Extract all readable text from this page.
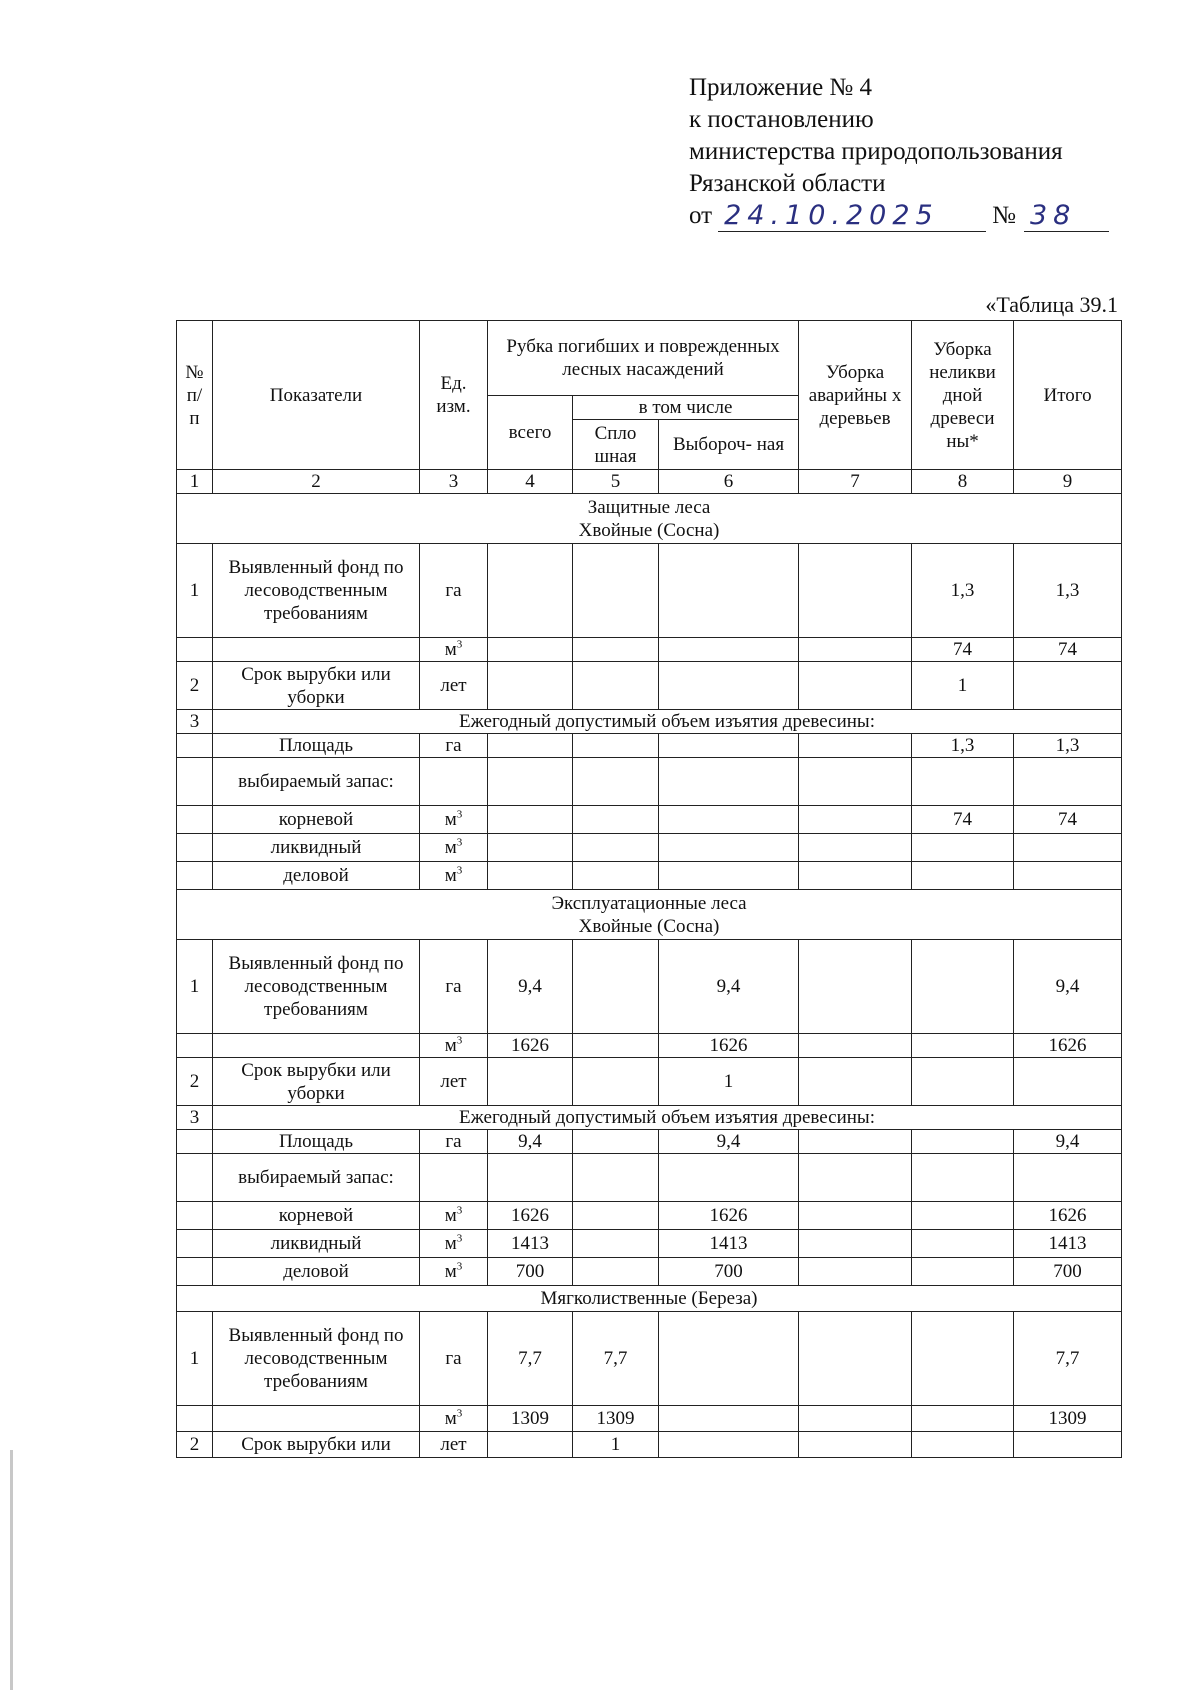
Приложение № 4
к постановлению
министерства природопользования
Рязанской области
от 24.10.2025	№ 38
«Таблица 39.1
№ п/ п	Показатели	Ед. изм.	Рубка погибших и поврежденных лесных насаждений			Уборка аварийны х деревьев	Уборка неликви дной древеси ны*	Итого
			всего	в том числе				
				Спло шная	Выбороч- ная			
1	2	3	4	5	6	7	8	9

Защитные леса
Хвойные (Сосна)								

1	Выявленный фонд по лесоводственным требованиям	га					1,3	1,3
		$м^3$					74	74
2	Срок вырубки или уборки	лет					1	
3	Ежегодный допустимый объем изъятия древесины:							
	Площадь	га					1,3	1,3
	выбираемый запас:							
	корневой	$м^3$					74	74
	ликвидный	$м^3$						
	деловой	$м^3$						

Эксплуатационные леса
Хвойные (Сосна)								

1	Выявленный фонд по лесоводственным требованиям	га	9,4		9,4			9,4
		$м^3$	1626		1626			1626
2	Срок вырубки или уборки	лет			1			
3	Ежегодный допустимый объем изъятия древесины:							
	Площадь	га	9,4		9,4			9,4
	выбираемый запас:							
	корневой	$м^3$	1626		1626			1626
	ликвидный	$м^3$	1413		1413			1413
	деловой	$м^3$	700		700			700
Мягколиственные (Береза)								
1	Выявленный фонд по лесоводственным требованиям	га	7,7	7,7				7,7
		$м^3$	1309	1309				1309
2	Срок вырубки или	лет		1				
